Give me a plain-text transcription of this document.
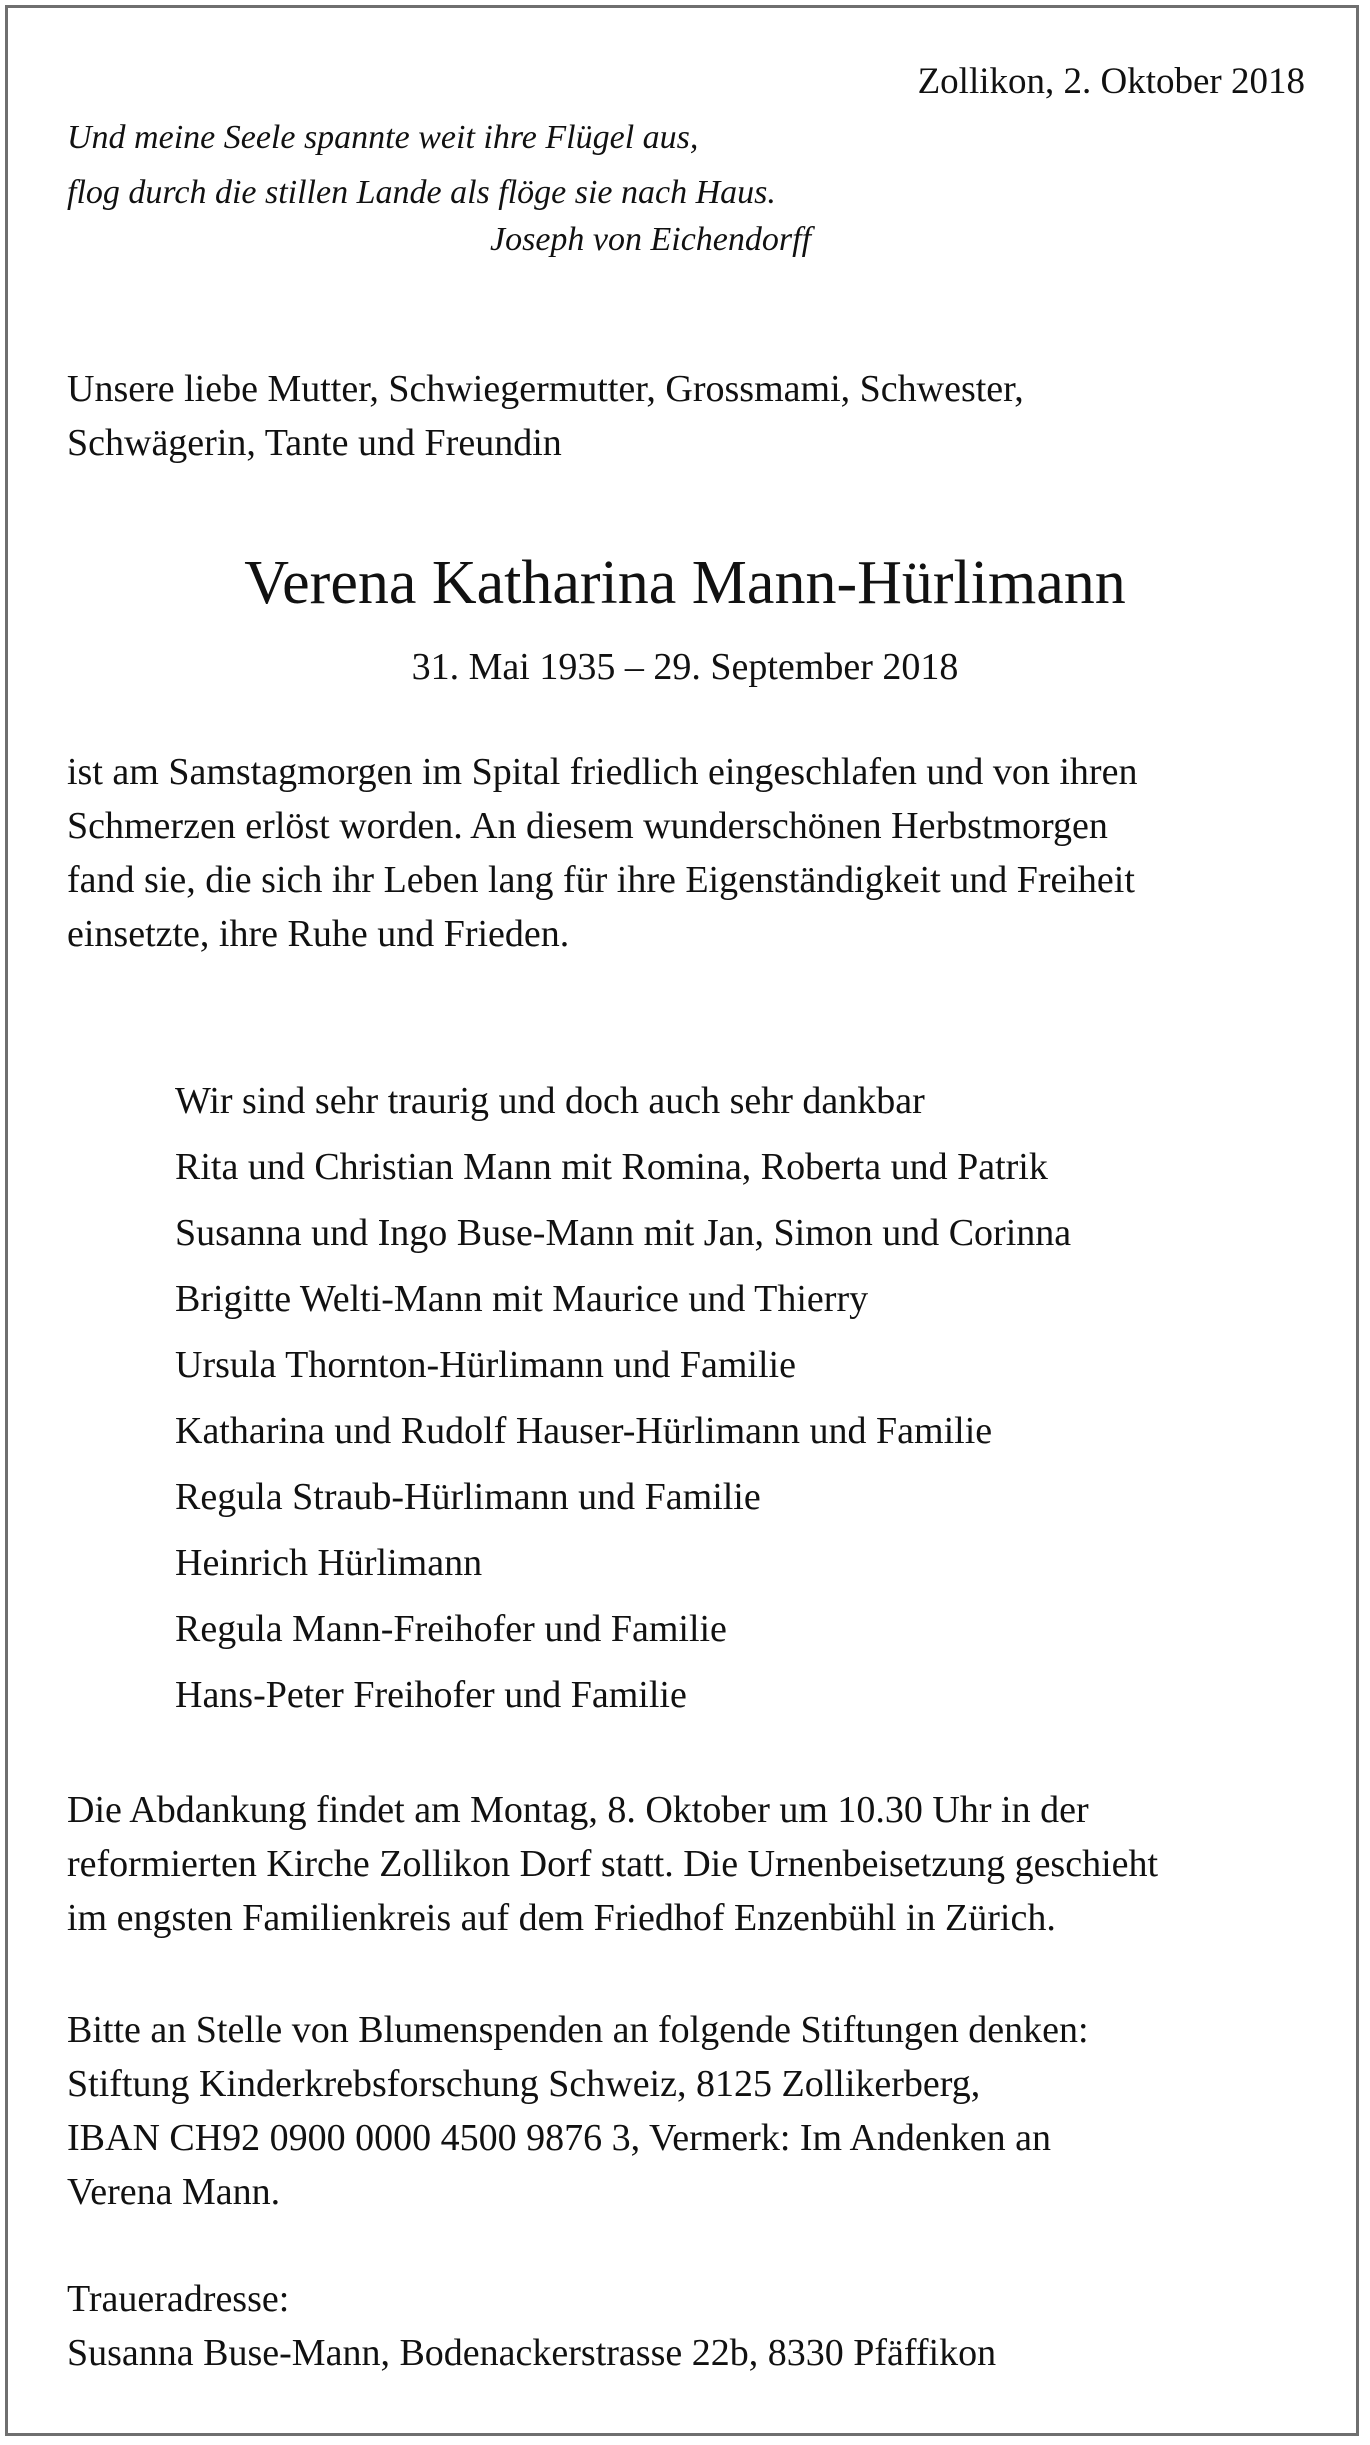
Zollikon, 2. Oktober 2018
Und meine Seele spannte weit ihre Flügel aus,
flog durch die stillen Lande als flöge sie nach Haus.
Joseph von Eichendorff

Unsere liebe Mutter, Schwiegermutter, Grossmami, Schwester,

Schwägerin, Tante und Freundin

Verena Katharina Mann-Hürlimann
31. Mai 1935 – 29. September 2018

ist am Samstagmorgen im Spital friedlich eingeschlafen und von ihren

Schmerzen erlöst worden. An diesem wunderschönen Herbstmorgen

fand sie, die sich ihr Leben lang für ihre Eigenständigkeit und Freiheit

einsetzte, ihre Ruhe und Frieden.

Wir sind sehr traurig und doch auch sehr dankbar

Rita und Christian Mann mit Romina, Roberta und Patrik

Susanna und Ingo Buse-Mann mit Jan, Simon und Corinna

Brigitte Welti-Mann mit Maurice und Thierry

Ursula Thornton-Hürlimann und Familie

Katharina und Rudolf Hauser-Hürlimann und Familie

Regula Straub-Hürlimann und Familie

Heinrich Hürlimann

Regula Mann-Freihofer und Familie

Hans-Peter Freihofer und Familie

Die Abdankung findet am Montag, 8. Oktober um 10.30 Uhr in der

reformierten Kirche Zollikon Dorf statt. Die Urnenbeisetzung geschieht

im engsten Familienkreis auf dem Friedhof Enzenbühl in Zürich.

Bitte an Stelle von Blumenspenden an folgende Stiftungen denken:

Stiftung Kinderkrebsforschung Schweiz, 8125 Zollikerberg,

IBAN CH92 0900 0000 4500 9876 3, Vermerk: Im Andenken an

Verena Mann.

Traueradresse:

Susanna Buse-Mann, Bodenackerstrasse 22b, 8330 Pfäffikon
